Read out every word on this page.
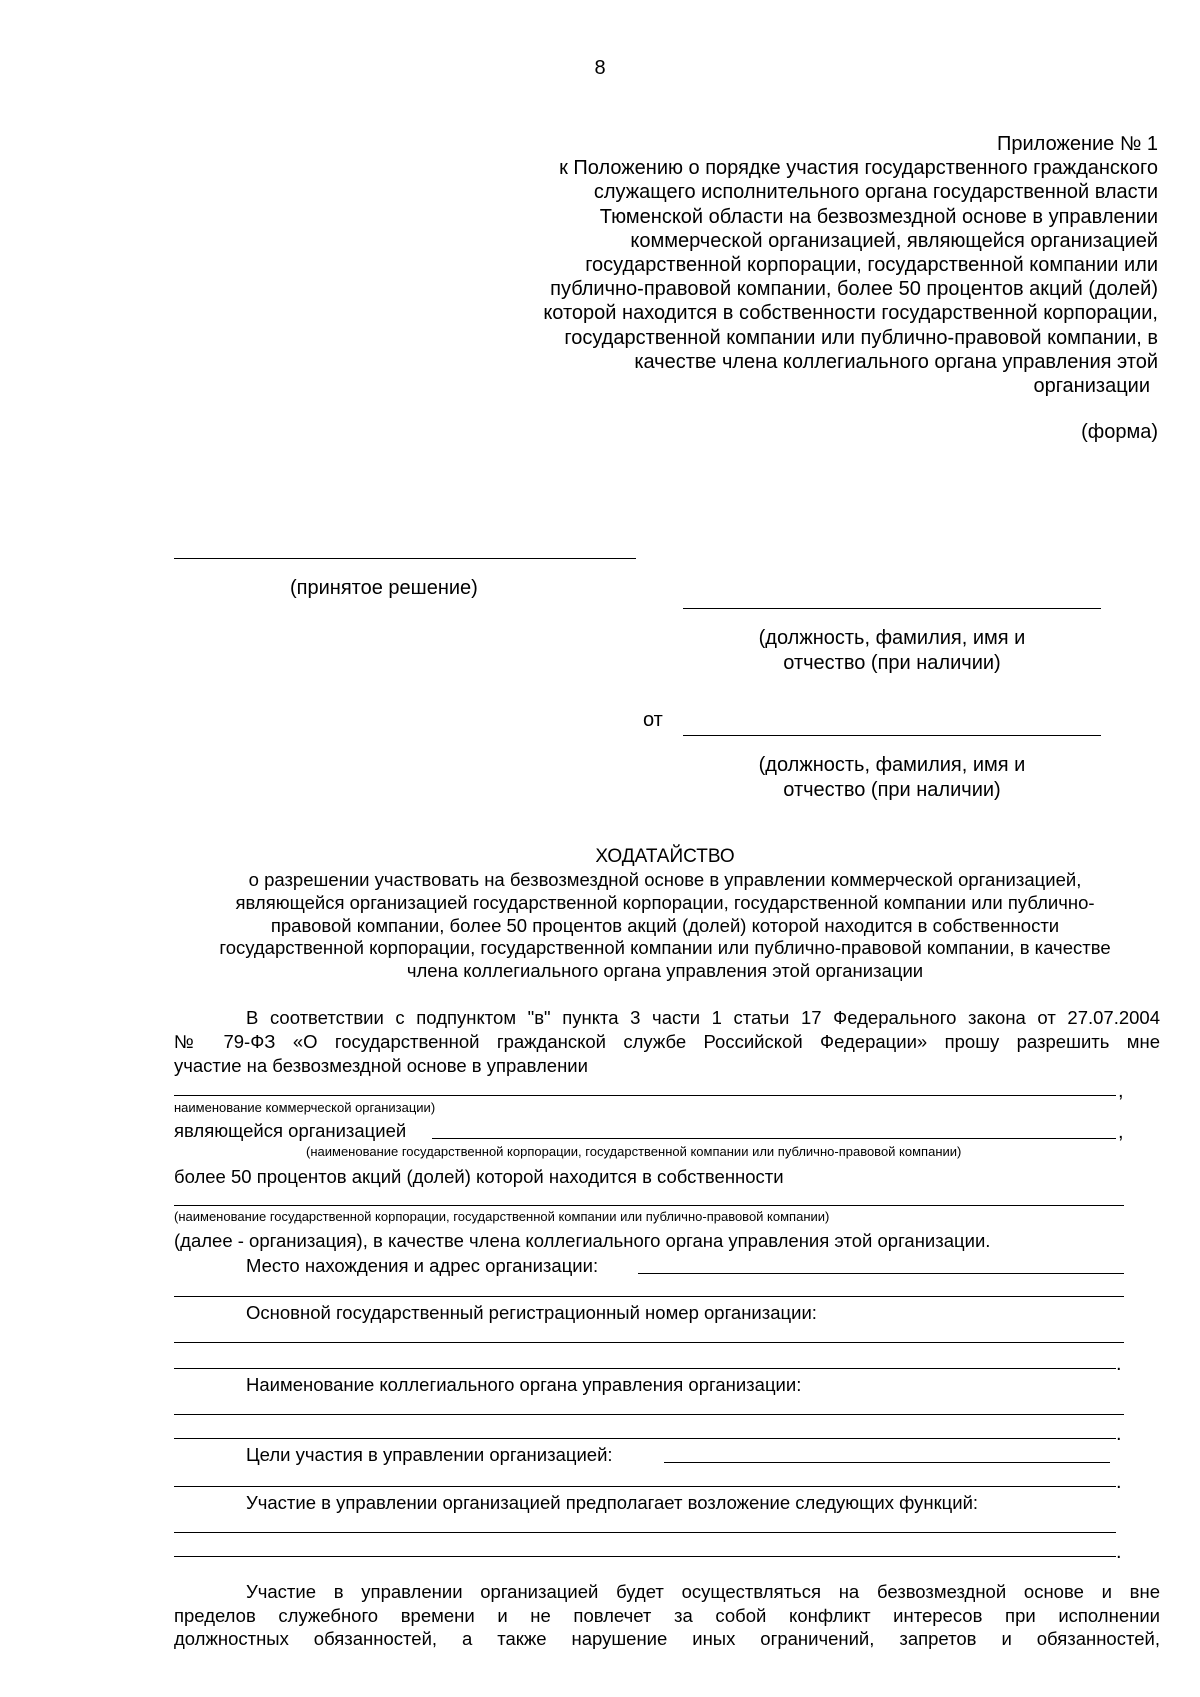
8
Приложение № 1
к Положению о порядке участия государственного гражданского
служащего исполнительного органа государственной власти
Тюменской области на безвозмездной основе в управлении
коммерческой организацией, являющейся организацией
государственной корпорации, государственной компании или
публично-правовой компании, более 50 процентов акций (долей)
которой находится в собственности государственной корпорации,
государственной компании или публично-правовой компании, в
качестве члена коллегиального органа управления этой
организации
(форма)
(принятое решение)
(должность, фамилия, имя и
отчество (при наличии)
от
(должность, фамилия, имя и
отчество (при наличии)
ХОДАТАЙСТВО
о разрешении участвовать на безвозмездной основе в управлении коммерческой организацией,
являющейся организацией государственной корпорации, государственной компании или публично-
правовой компании, более 50 процентов акций (долей) которой находится в собственности
государственной корпорации, государственной компании или публично-правовой компании, в качестве
члена коллегиального органа управления этой организации
В соответствии с подпунктом "в" пункта 3 части 1 статьи 17 Федерального закона от 27.07.2004
№ 79-ФЗ «О государственной гражданской службе Российской Федерации» прошу разрешить мне
участие на безвозмездной основе в управлении
,
наименование коммерческой организации)
являющейся организацией	,
(наименование государственной корпорации, государственной компании или публично-правовой компании)
более 50 процентов акций (долей) которой находится в собственности
(наименование государственной корпорации, государственной компании или публично-правовой компании)
(далее - организация), в качестве члена коллегиального органа управления этой организации.
Место нахождения и адрес организации:
Основной государственный регистрационный номер организации:
.
Наименование коллегиального органа управления организации:
.
Цели участия в управлении организацией:
.
Участие в управлении организацией предполагает возложение следующих функций:
.
Участие в управлении организацией будет осуществляться на безвозмездной основе и вне
пределов служебного времени и не повлечет за собой конфликт интересов при исполнении
должностных обязанностей, а также нарушение иных ограничений, запретов и обязанностей,
